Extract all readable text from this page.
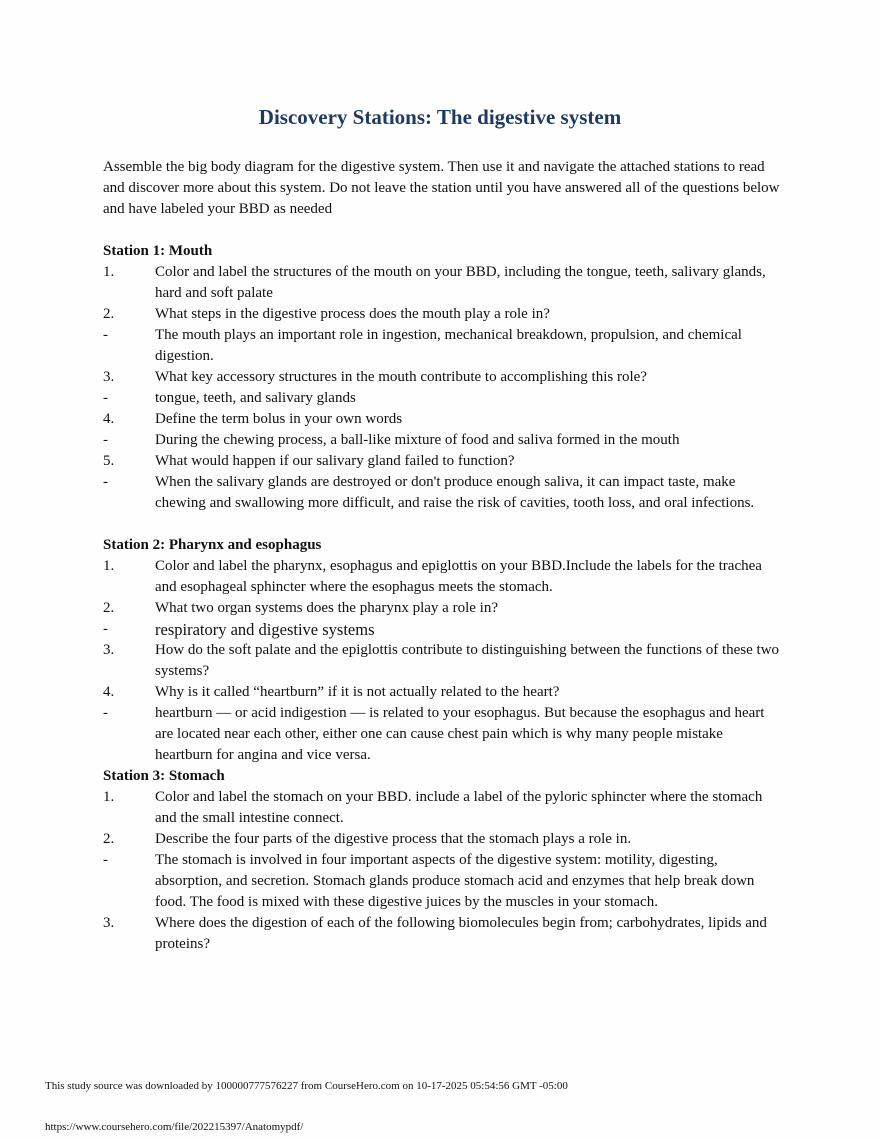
Discovery Stations: The digestive system

Assemble the big body diagram for the digestive system. Then use it and navigate the attached stations to read and discover more about this system. Do not leave the station until you have answered all of the questions below and have labeled your BBD as needed

Station 1: Mouth

1.	Color and label the structures of the mouth on your BBD, including the tongue, teeth, salivary glands, hard and soft palate
2.	What steps in the digestive process does the mouth play a role in?
-	The mouth plays an important role in ingestion, mechanical breakdown, propulsion, and chemical digestion.
3.	What key accessory structures in the mouth contribute to accomplishing this role?
-	tongue, teeth, and salivary glands
4.	Define the term bolus in your own words
-	During the chewing process, a ball-like mixture of food and saliva formed in the mouth
5.	What would happen if our salivary gland failed to function?
-	When the salivary glands are destroyed or don't produce enough saliva, it can impact taste, make chewing and swallowing more difficult, and raise the risk of cavities, tooth loss, and oral infections.

Station 2: Pharynx and esophagus

1.	Color and label the pharynx, esophagus and epiglottis on your BBD.Include the labels for the trachea and esophageal sphincter where the esophagus meets the stomach.
2.	What two organ systems does the pharynx play a role in?
-	respiratory and digestive systems
3.	How do the soft palate and the epiglottis contribute to distinguishing between the functions of these two systems?
4.	Why is it called “heartburn” if it is not actually related to the heart?
-	heartburn — or acid indigestion — is related to your esophagus. But because the esophagus and heart are located near each other, either one can cause chest pain which is why many people mistake heartburn for angina and vice versa.

Station 3: Stomach

1.	Color and label the stomach on your BBD. include a label of the pyloric sphincter where the stomach and the small intestine connect.
2.	Describe the four parts of the digestive process that the stomach plays a role in.
-	The stomach is involved in four important aspects of the digestive system: motility, digesting, absorption, and secretion. Stomach glands produce stomach acid and enzymes that help break down food. The food is mixed with these digestive juices by the muscles in your stomach.
3.	Where does the digestion of each of the following biomolecules begin from; carbohydrates, lipids and proteins?
This study source was downloaded by 100000777576227 from CourseHero.com on 10-17-2025 05:54:56 GMT -05:00
https://www.coursehero.com/file/202215397/Anatomypdf/
